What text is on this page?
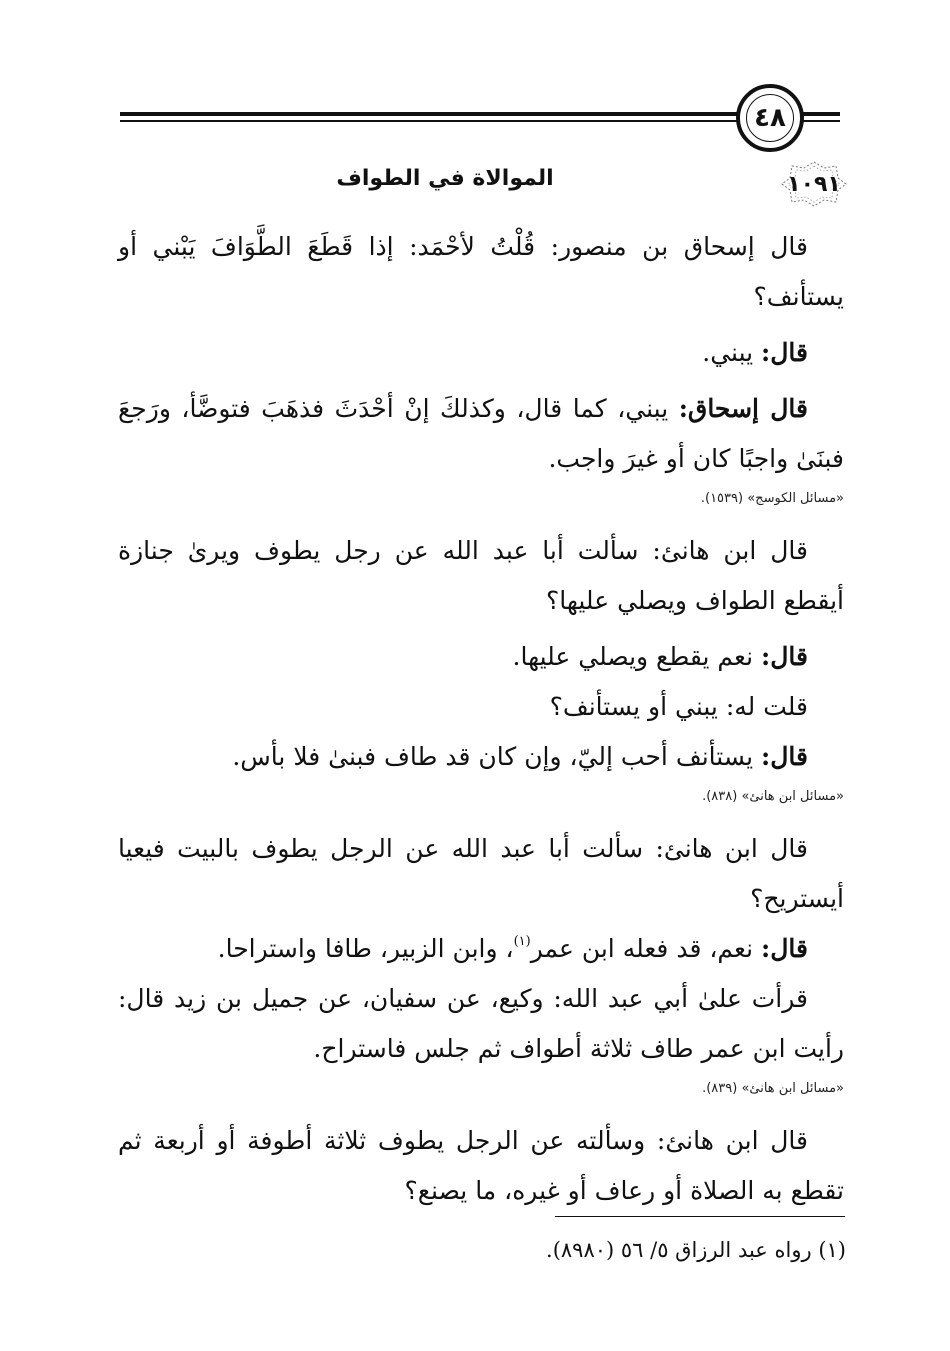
٤٨
١٠٩١
الموالاة في الطواف

قال إسحاق بن منصور: قُلْتُ لأحْمَد: إذا قَطَعَ الطَّوَافَ يَبْني أو يستأنف؟

قال: يبني.

قال إسحاق: يبني، كما قال، وكذلكَ إنْ أحْدَثَ فذهَبَ فتوضَّأ، ورَجعَ فبنَىٰ واجبًا كان أو غيرَ واجب.

«مسائل الكوسج» (١٥٣٩).

قال ابن هانئ: سألت أبا عبد الله عن رجل يطوف ويرىٰ جنازة أيقطع الطواف ويصلي عليها؟

قال: نعم يقطع ويصلي عليها.

قلت له: يبني أو يستأنف؟

قال: يستأنف أحب إليّ، وإن كان قد طاف فبنىٰ فلا بأس.

«مسائل ابن هانئ» (٨٣٨).

قال ابن هانئ: سألت أبا عبد الله عن الرجل يطوف بالبيت فيعيا أيستريح؟

قال: نعم، قد فعله ابن عمر$^{(١)}$، وابن الزبير، طافا واستراحا.

قرأت علىٰ أبي عبد الله: وكيع، عن سفيان، عن جميل بن زيد قال: رأيت ابن عمر طاف ثلاثة أطواف ثم جلس فاستراح.

«مسائل ابن هانئ» (٨٣٩).

قال ابن هانئ: وسألته عن الرجل يطوف ثلاثة أطوفة أو أربعة ثم تقطع به الصلاة أو رعاف أو غيره، ما يصنع؟

(١) رواه عبد الرزاق ٥/ ٥٦ (٨٩٨٠).
